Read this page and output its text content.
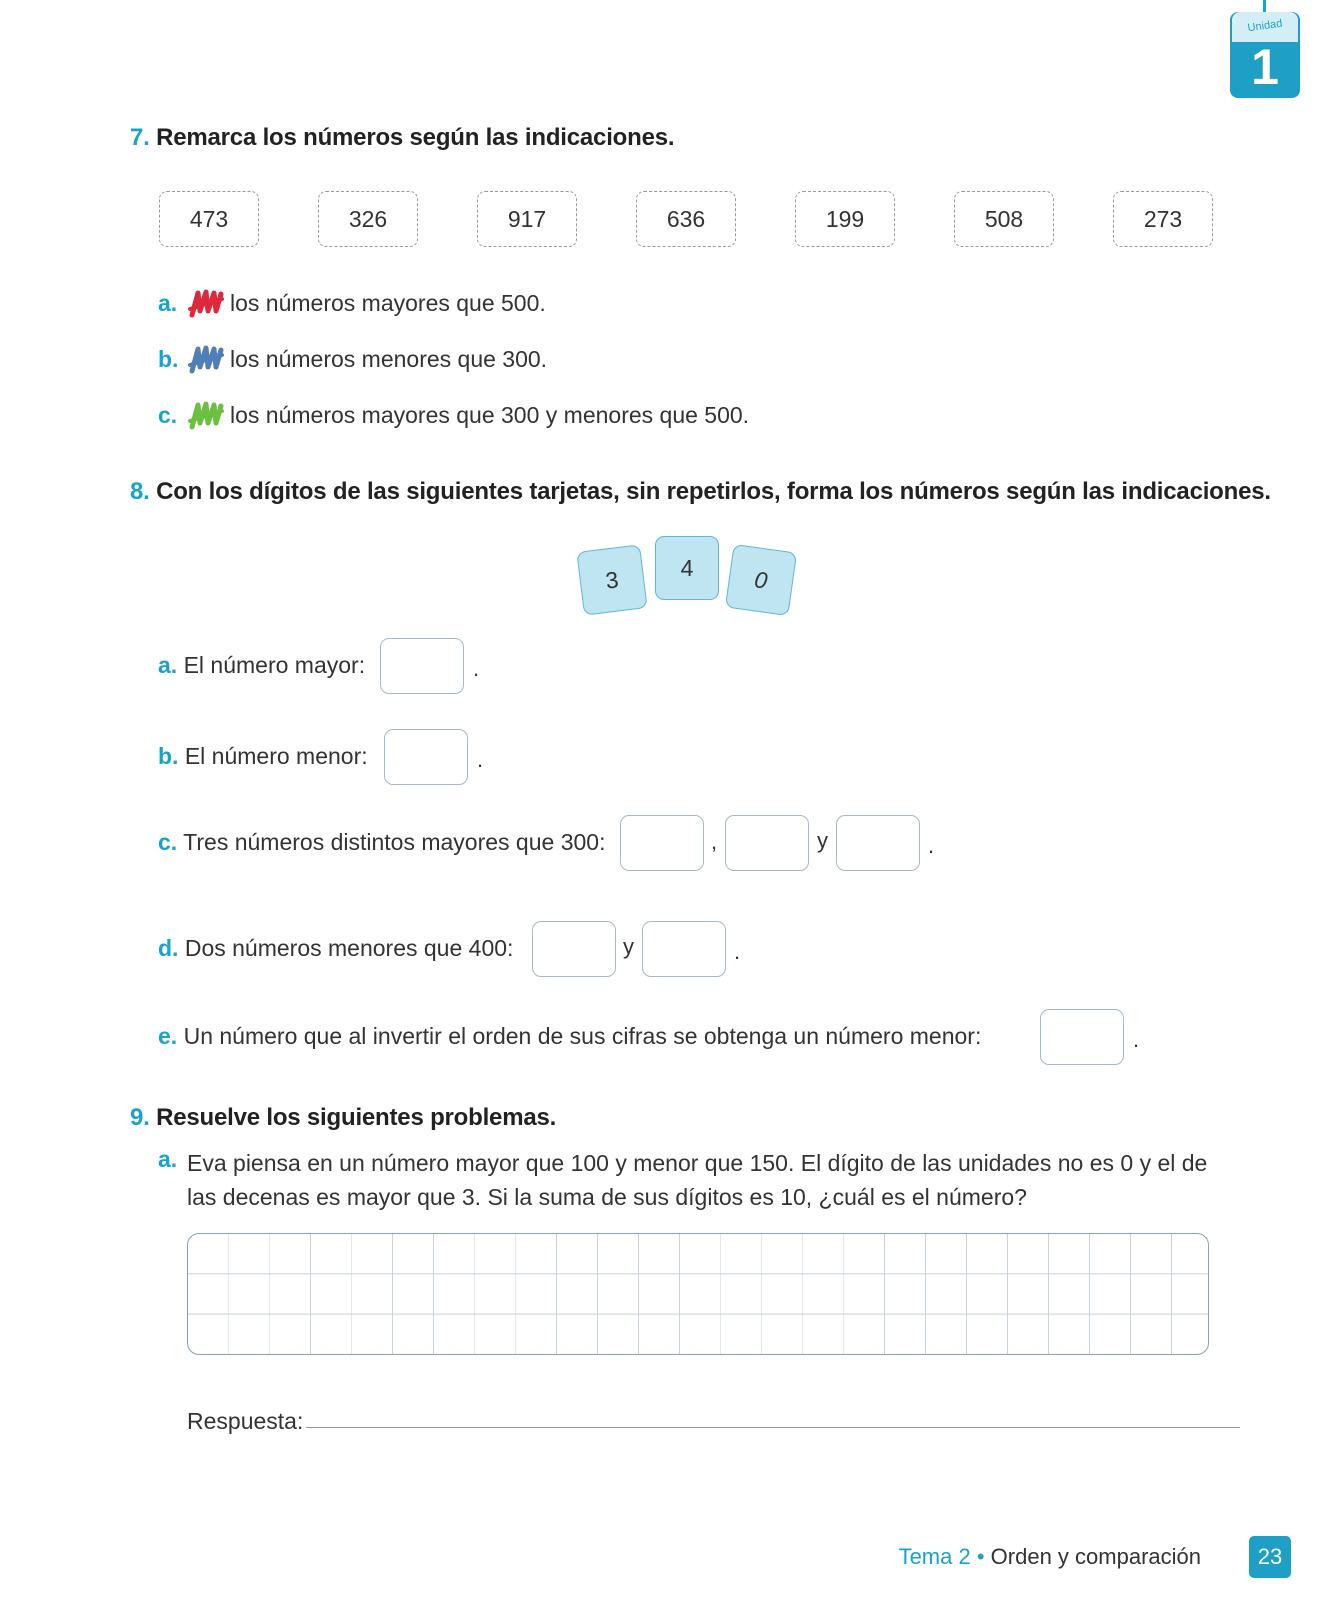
Unidad
1
7. Remarca los números según las indicaciones.
473	326	917	636	199	508	273
a. los números mayores que 500.
b. los números menores que 300.
c. los números mayores que 300 y menores que 500.
8. Con los dígitos de las siguientes tarjetas, sin repetirlos, forma los números según las indicaciones.
3	4	0
a. El número mayor:	.
b. El número menor:	.
c. Tres números distintos mayores que 300:	,	y	.
d. Dos números menores que 400:	y	.
e. Un número que al invertir el orden de sus cifras se obtenga un número menor:	.
9. Resuelve los siguientes problemas.
a. Eva piensa en un número mayor que 100 y menor que 150. El dígito de las unidades no es 0 y el de
las decenas es mayor que 3. Si la suma de sus dígitos es 10, ¿cuál es el número?
Respuesta:
Tema 2 • Orden y comparación	23
